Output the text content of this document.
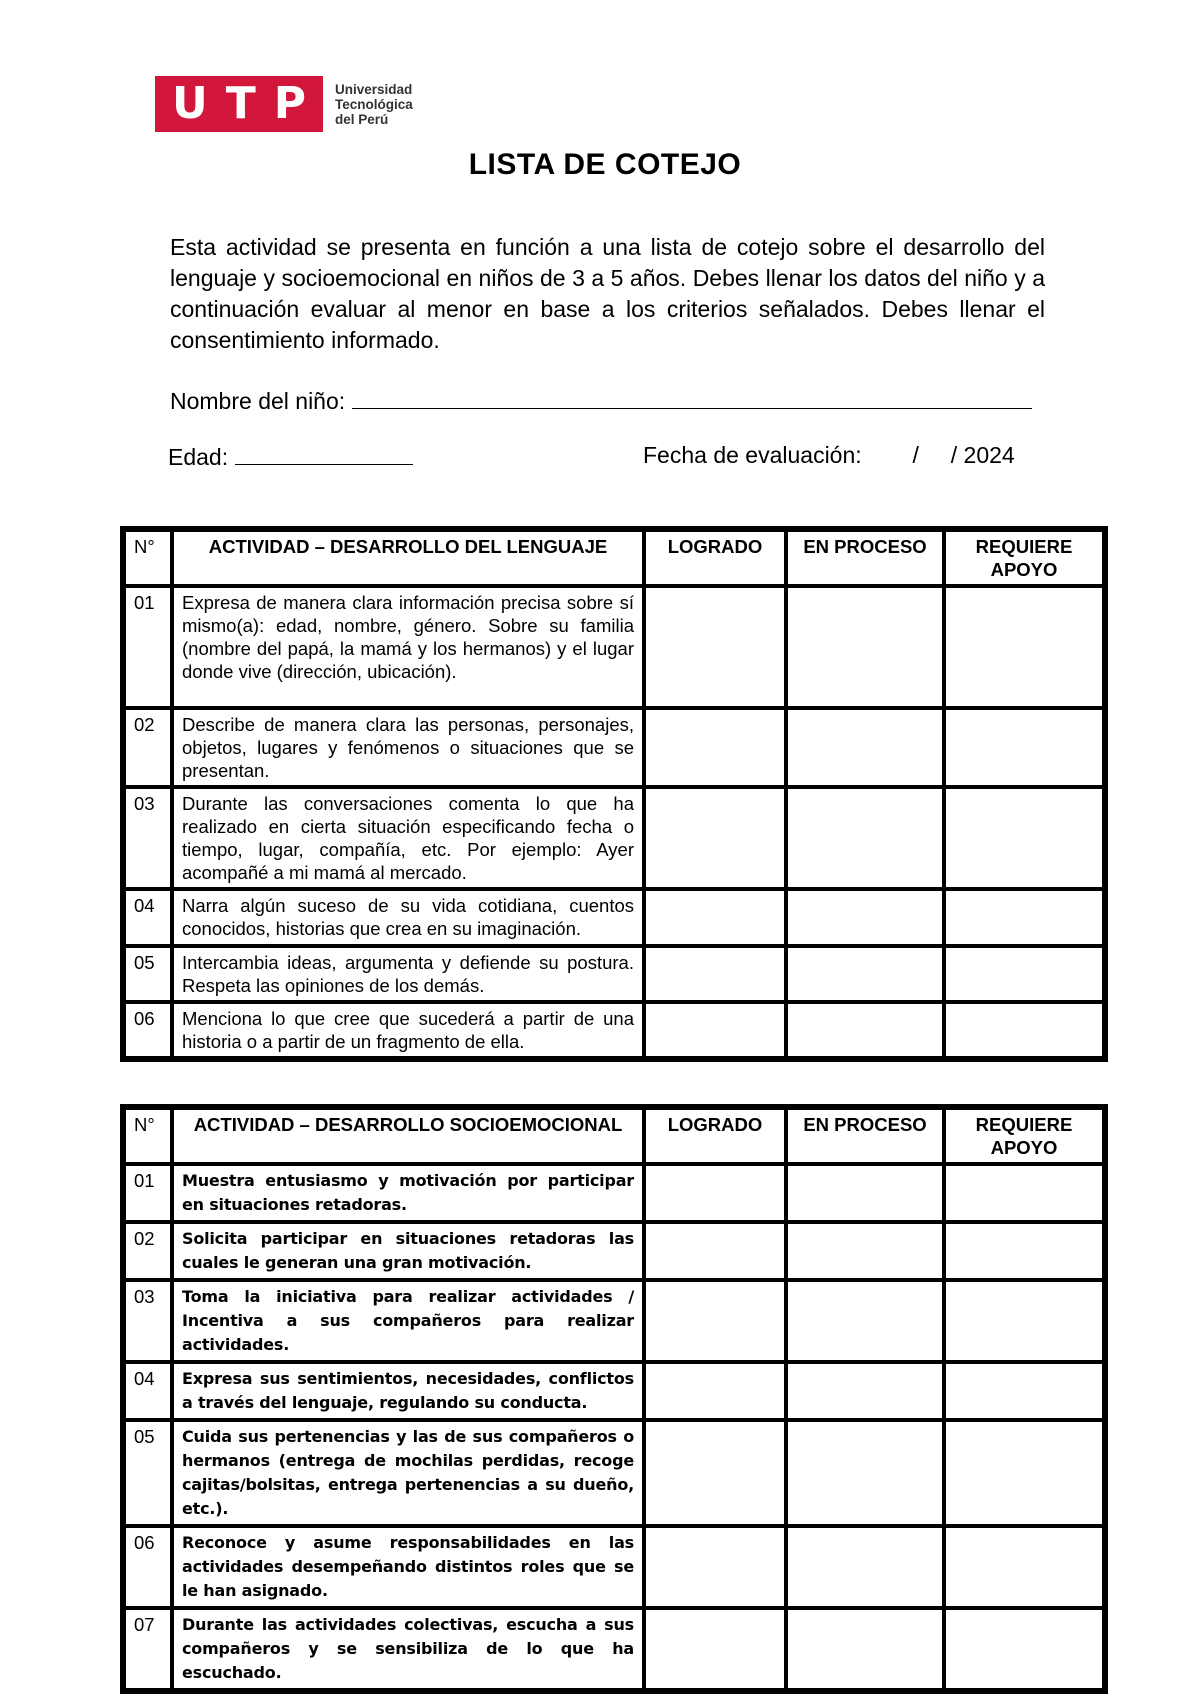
U T P Universidad
Tecnológica
del Perú
LISTA DE COTEJO
Esta actividad se presenta en función a una lista de cotejo sobre el desarrollo del lenguaje y socioemocional en niños de 3 a 5 años. Debes llenar los datos del niño y a continuación evaluar al menor en base a los criterios señalados. Debes llenar el consentimiento informado.
Nombre del niño:
Edad:	Fecha de evaluación: /     / 2024
N°	ACTIVIDAD – DESARROLLO DEL LENGUAJE	LOGRADO	EN PROCESO	REQUIERE APOYO
01	Expresa de manera clara información precisa sobre sí mismo(a): edad, nombre, género. Sobre su familia (nombre del papá, la mamá y los hermanos) y el lugar donde vive (dirección, ubicación).			
02	Describe de manera clara las personas, personajes, objetos, lugares y fenómenos o situaciones que se presentan.			
03	Durante las conversaciones comenta lo que ha realizado en cierta situación especificando fecha o tiempo, lugar, compañía, etc. Por ejemplo: Ayer acompañé a mi mamá al mercado.			
04	Narra algún suceso de su vida cotidiana, cuentos conocidos, historias que crea en su imaginación.			
05	Intercambia ideas, argumenta y defiende su postura. Respeta las opiniones de los demás.			
06	Menciona lo que cree que sucederá a partir de una historia o a partir de un fragmento de ella.			
N°	ACTIVIDAD – DESARROLLO SOCIOEMOCIONAL	LOGRADO	EN PROCESO	REQUIERE APOYO
01	Muestra entusiasmo y motivación por participar en situaciones retadoras.			
02	Solicita participar en situaciones retadoras las cuales le generan una gran motivación.			
03	Toma la iniciativa para realizar actividades / Incentiva a sus compañeros para realizar actividades.			
04	Expresa sus sentimientos, necesidades, conflictos a través del lenguaje, regulando su conducta.			
05	Cuida sus pertenencias y las de sus compañeros o hermanos (entrega de mochilas perdidas, recoge cajitas/bolsitas, entrega pertenencias a su dueño, etc.).			
06	Reconoce y asume responsabilidades en las actividades desempeñando distintos roles que se le han asignado.			
07	Durante las actividades colectivas, escucha a sus compañeros y se sensibiliza de lo que ha escuchado.			
